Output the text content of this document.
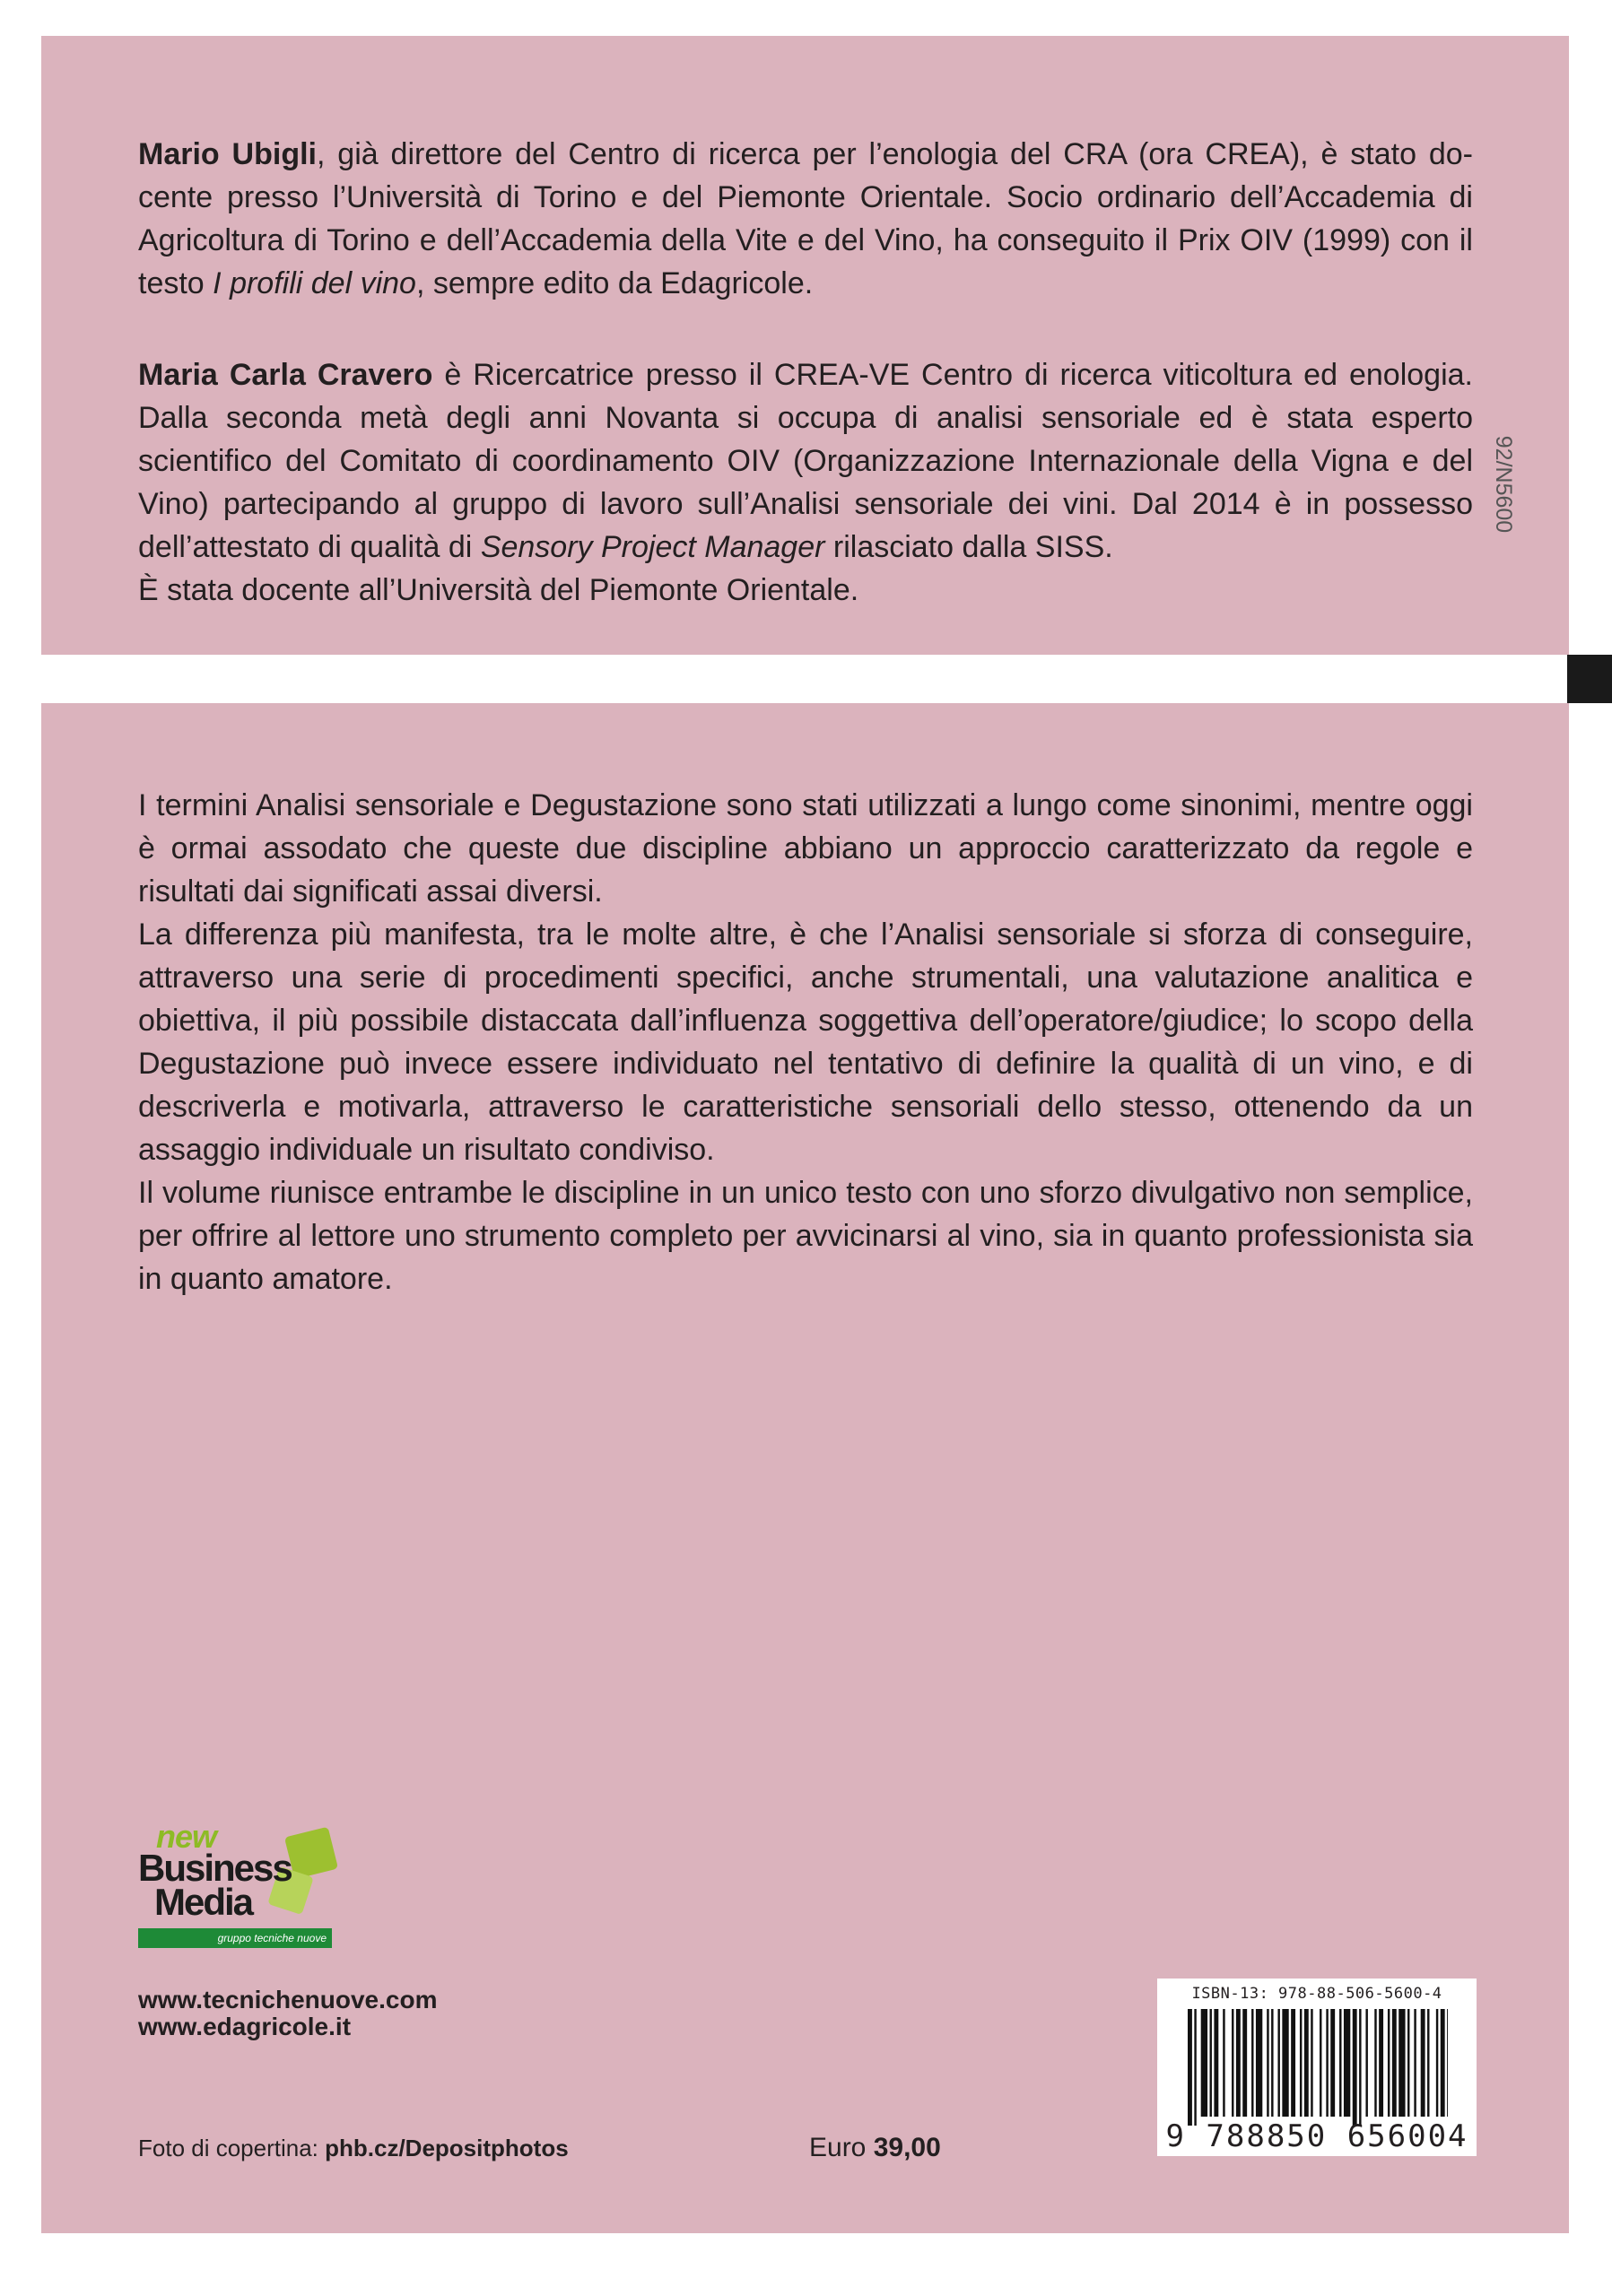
Mario Ubigli, già direttore del Centro di ricerca per l’enologia del CRA (ora CREA), è stato docente presso l’Università di Torino e del Piemonte Orientale. Socio ordinario dell’Accademia di Agricoltura di Torino e dell’Accademia della Vite e del Vino, ha conseguito il Prix OIV (1999) con il testo I profili del vino, sempre edito da Edagricole.

Maria Carla Cravero è Ricercatrice presso il CREA-VE Centro di ricerca viticoltura ed enologia. Dalla seconda metà degli anni Novanta si occupa di analisi sensoriale ed è stata esperto scientifico del Comitato di coordinamento OIV (Organizzazione Internazionale della Vigna e del Vino) partecipando al gruppo di lavoro sull’Analisi sensoriale dei vini. Dal 2014 è in possesso dell’attestato di qualità di Sensory Project Manager rilasciato dalla SISS.

È stata docente all’Università del Piemonte Orientale.

92/N5600

I termini Analisi sensoriale e Degustazione sono stati utilizzati a lungo come sinonimi, mentre oggi è ormai assodato che queste due discipline abbiano un approccio caratterizzato da regole e risultati dai significati assai diversi.

La differenza più manifesta, tra le molte altre, è che l’Analisi sensoriale si sforza di conseguire, attraverso una serie di procedimenti specifici, anche strumentali, una valutazione analitica e obiettiva, il più possibile distaccata dall’influenza soggettiva dell’operatore/giudice; lo scopo della Degustazione può invece essere individuato nel tentativo di definire la qualità di un vino, e di descriverla e motivarla, attraverso le caratteristiche sensoriali dello stesso, ottenendo da un assaggio individuale un risultato condiviso.

Il volume riunisce entrambe le discipline in un unico testo con uno sforzo divulgativo non semplice, per offrire al lettore uno strumento completo per avvicinarsi al vino, sia in quanto professionista sia in quanto amatore.

new
Business
Media
gruppo tecniche nuove
www.tecnichenuove.com
www.edagricole.it
Foto di copertina: phb.cz/Depositphotos	Euro 39,00
ISBN-13: 978-88-506-5600-4
9 788850 656004
